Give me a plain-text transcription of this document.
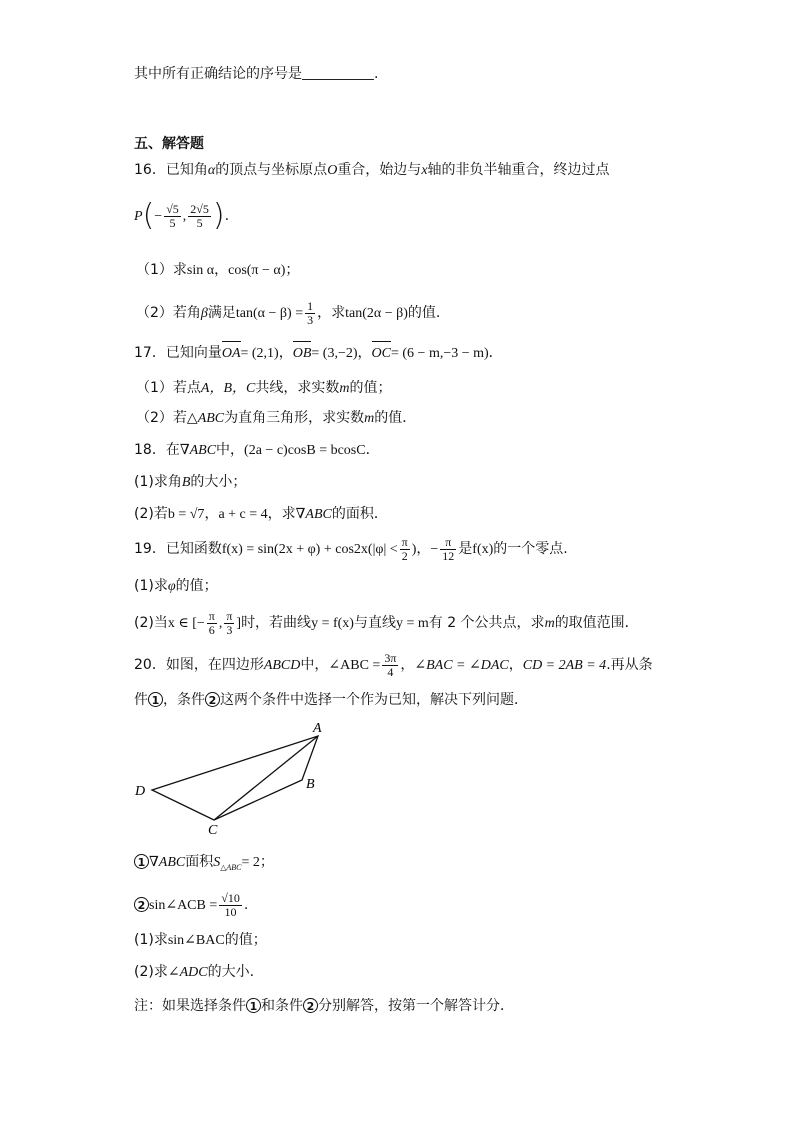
其中所有正确结论的序号是	.
五、解答题
16．已知角α的顶点与坐标原点O重合，始边与x轴的非负半轴重合，终边过点
$P(- \frac{√5}{5}$ , $\frac{2√5}{5}$ ).
（1）求sin α，cos(π − α)；
（2）若角β满足$\tan(\alpha - \beta) = \frac{1}{3}$ ，求tan(2α − β)的值.
17．已知向量OA= (2,1)，OB= (3,−2)，OC= (6 − m,−3 − m)．
（1）若点A，B，C共线，求实数m的值；
（2）若△ABC为直角三角形，求实数m的值．
18．在∇ABC中，(2a − c)cosB = bcosC．
(1)求角B的大小；
(2)若b = √7，a + c = 4，求∇ABC的面积．
19．已知函数$f(x) = \sin(2x + \varphi) + \cos 2x(|\varphi| < \frac{\pi}{2}$ )，− $\frac{\pi}{12}$ 是f(x)的一个零点.
(1)求φ的值；
(2)当x ∈ [− $\frac{\pi}{6}$ , $\frac{\pi}{3}$ ]时，若曲线y = f(x)与直线y = m有 2 个公共点，求m的取值范围．
20．如图，在四边形ABCD中，∠ABC = $\frac{3\pi}{4}$ ，∠BAC = ∠DAC，CD = 2AB = 4.再从条
件 1 ，条件 2 这两个条件中选择一个作为已知，解决下列问题．
A
B
C
D
1 ∇ABC面积$S_{\triangle ABC}= 2$；
2 sin∠ACB = $\frac{√10}{10}$ .
(1)求sin∠BAC的值；
(2)求∠ADC的大小.
注：如果选择条件 1 和条件 2 分别解答，按第一个解答计分．
